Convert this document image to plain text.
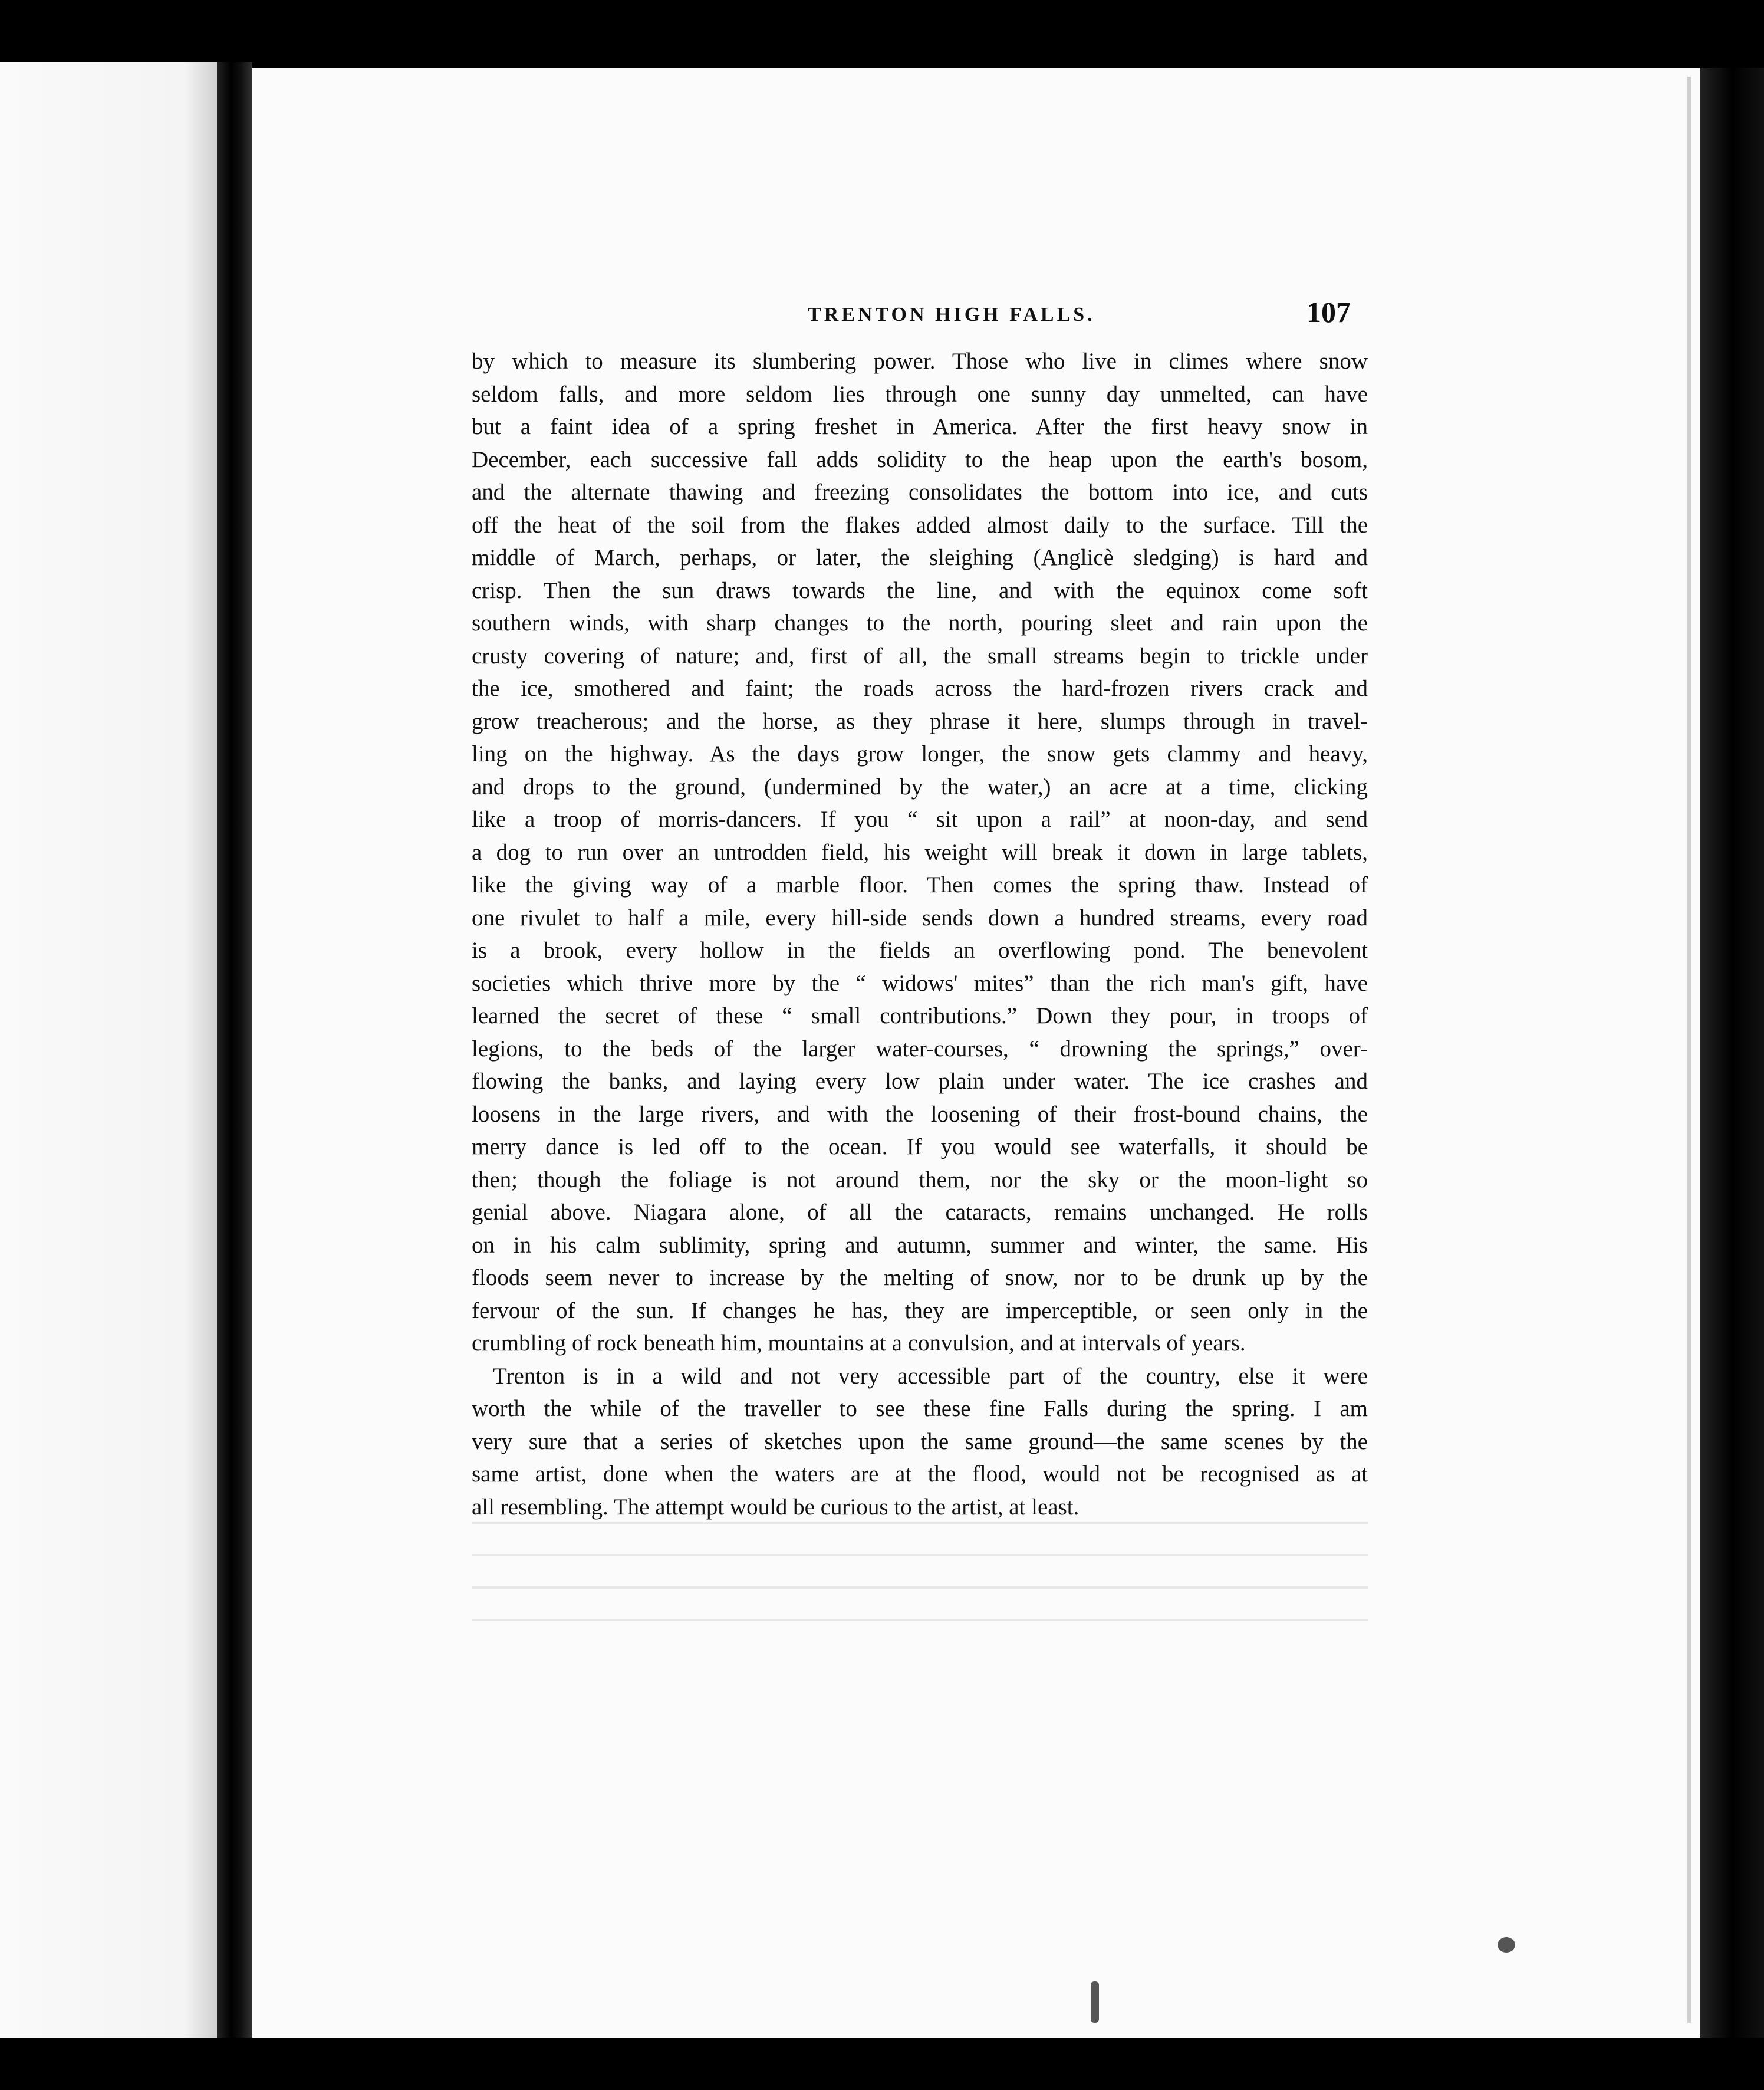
TRENTON HIGH FALLS.	107
by which to measure its slumbering power. Those who live in climes where snow
seldom falls, and more seldom lies through one sunny day unmelted, can have
but a faint idea of a spring freshet in America. After the first heavy snow in
December, each successive fall adds solidity to the heap upon the earth's bosom,
and the alternate thawing and freezing consolidates the bottom into ice, and cuts
off the heat of the soil from the flakes added almost daily to the surface. Till the
middle of March, perhaps, or later, the sleighing (Anglicè sledging) is hard and
crisp. Then the sun draws towards the line, and with the equinox come soft
southern winds, with sharp changes to the north, pouring sleet and rain upon the
crusty covering of nature; and, first of all, the small streams begin to trickle under
the ice, smothered and faint; the roads across the hard-frozen rivers crack and
grow treacherous; and the horse, as they phrase it here, slumps through in travel-
ling on the highway. As the days grow longer, the snow gets clammy and heavy,
and drops to the ground, (undermined by the water,) an acre at a time, clicking
like a troop of morris-dancers. If you “ sit upon a rail” at noon-day, and send
a dog to run over an untrodden field, his weight will break it down in large tablets,
like the giving way of a marble floor. Then comes the spring thaw. Instead of
one rivulet to half a mile, every hill-side sends down a hundred streams, every road
is a brook, every hollow in the fields an overflowing pond. The benevolent
societies which thrive more by the “ widows' mites” than the rich man's gift, have
learned the secret of these “ small contributions.” Down they pour, in troops of
legions, to the beds of the larger water-courses, “ drowning the springs,” over-
flowing the banks, and laying every low plain under water. The ice crashes and
loosens in the large rivers, and with the loosening of their frost-bound chains, the
merry dance is led off to the ocean. If you would see waterfalls, it should be
then; though the foliage is not around them, nor the sky or the moon-light so
genial above. Niagara alone, of all the cataracts, remains unchanged. He rolls
on in his calm sublimity, spring and autumn, summer and winter, the same. His
floods seem never to increase by the melting of snow, nor to be drunk up by the
fervour of the sun. If changes he has, they are imperceptible, or seen only in the
crumbling of rock beneath him, mountains at a convulsion, and at intervals of years.
Trenton is in a wild and not very accessible part of the country, else it were
worth the while of the traveller to see these fine Falls during the spring. I am
very sure that a series of sketches upon the same ground—the same scenes by the
same artist, done when the waters are at the flood, would not be recognised as at
all resembling. The attempt would be curious to the artist, at least.
